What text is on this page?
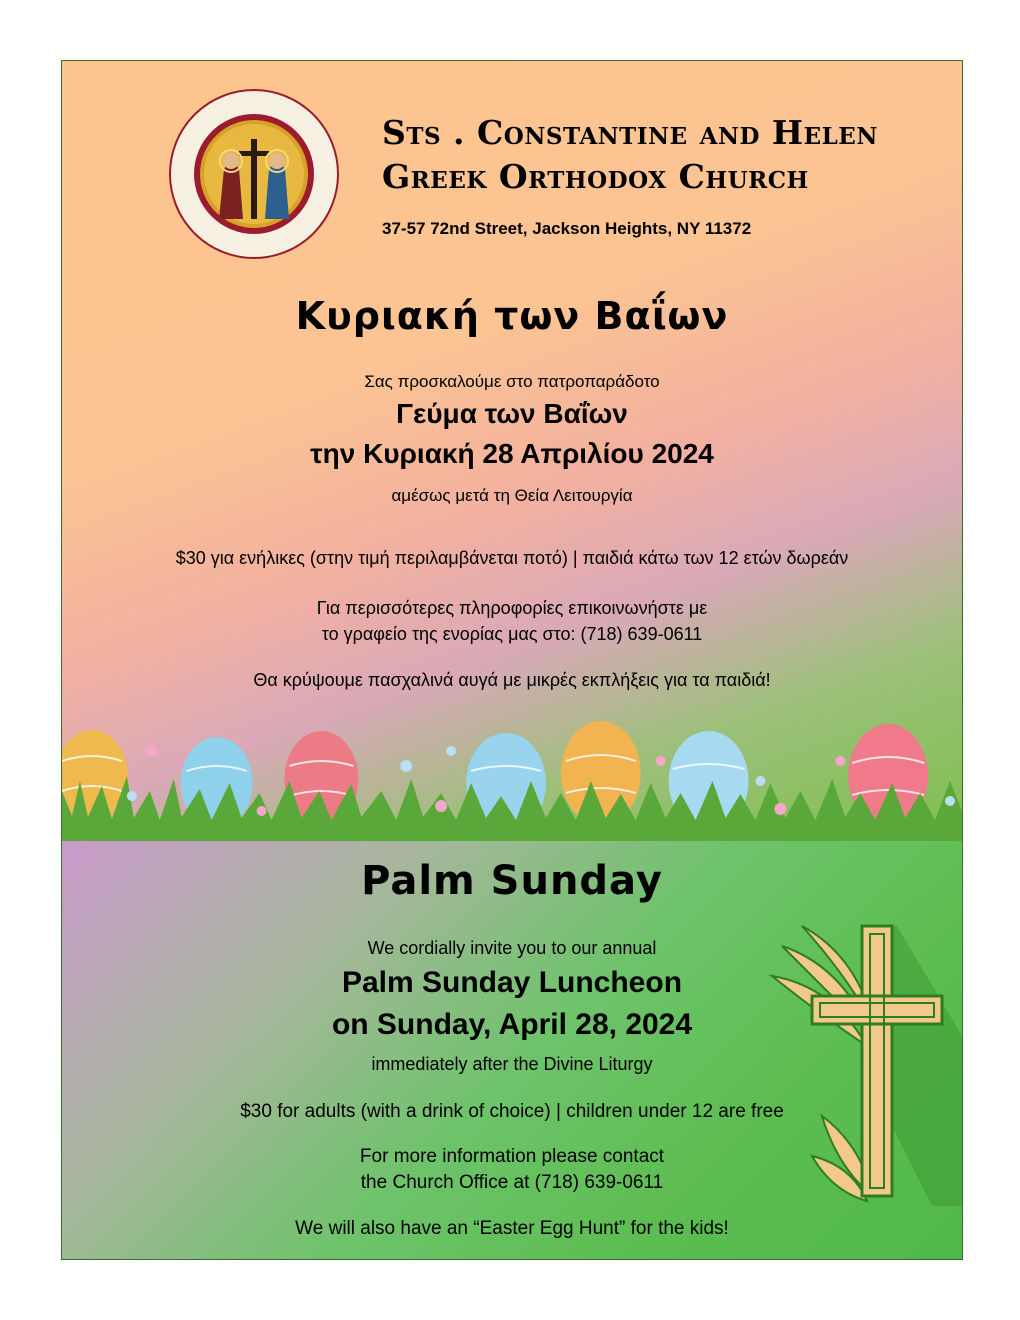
Sts . Constantine and Helen
Greek Orthodox Church
37-57 72nd Street, Jackson Heights, NY 11372
Κυριακή των Βαΐων
Σας προσκαλούμε στο πατροπαράδοτο
Γεύμα των Βαΐων
την Κυριακή 28 Απριλίου 2024
αμέσως μετά τη Θεία Λειτουργία
$30 για ενήλικες (στην τιμή περιλαμβάνεται ποτό) | παιδιά κάτω των 12 ετών δωρεάν
Για περισσότερες πληροφορίες επικοινωνήστε με
το γραφείο της ενορίας μας στο: (718) 639-0611
Θα κρύψουμε πασχαλινά αυγά με μικρές εκπλήξεις για τα παιδιά!
Palm Sunday
We cordially invite you to our annual
Palm Sunday Luncheon
on Sunday, April 28, 2024
immediately after the Divine Liturgy
$30 for adults (with a drink of choice) | children under 12 are free
For more information please contact
the Church Office at (718) 639-0611
We will also have an “Easter Egg Hunt” for the kids!
